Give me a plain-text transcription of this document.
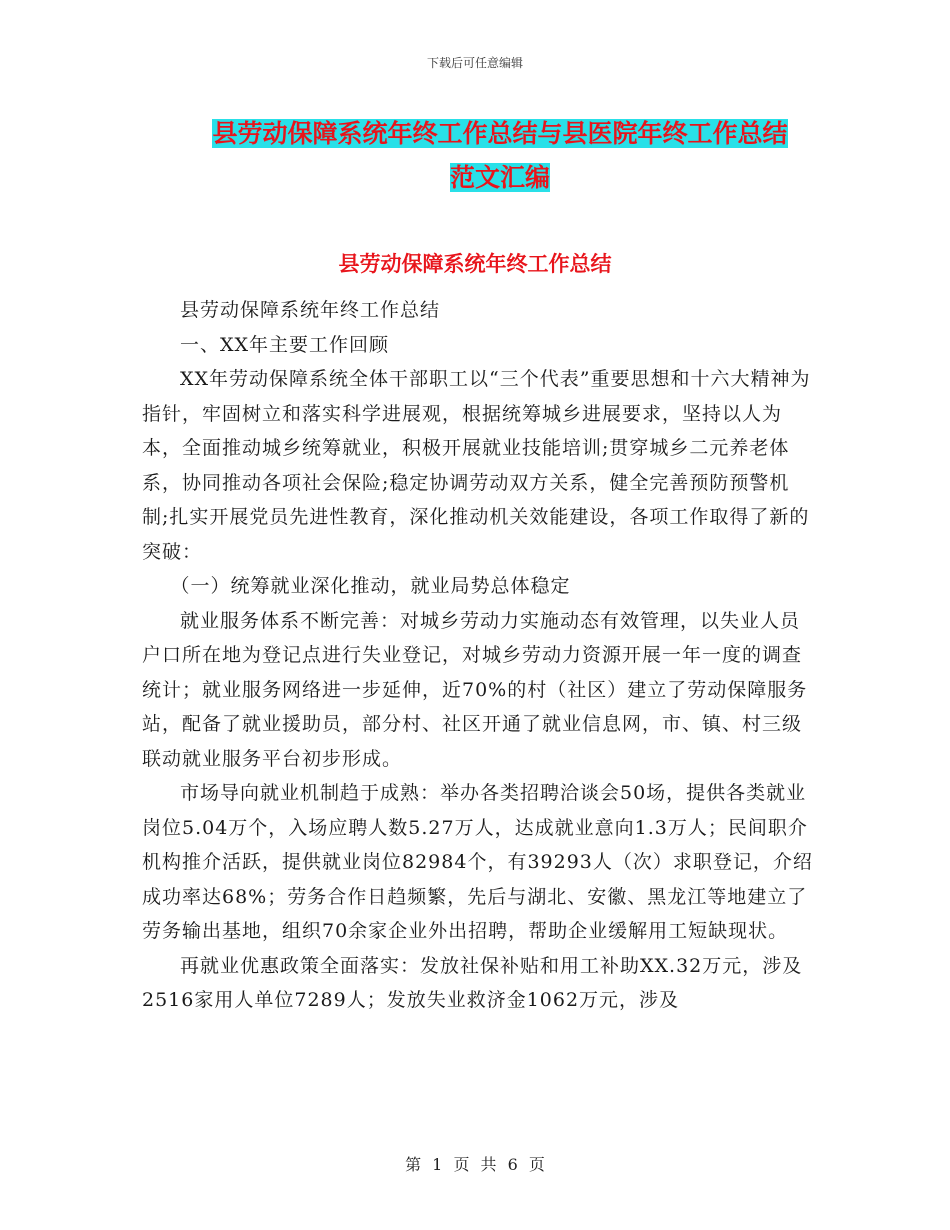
下载后可任意编辑
县劳动保障系统年终工作总结与县医院年终工作总结
范文汇编
县劳动保障系统年终工作总结

县劳动保障系统年终工作总结

一、XX年主要工作回顾

XX年劳动保障系统全体干部职工以“三个代表”重要思想和十六大精神为指针，牢固树立和落实科学进展观，根据统筹城乡进展要求，坚持以人为本，全面推动城乡统筹就业，积极开展就业技能培训;贯穿城乡二元养老体系，协同推动各项社会保险;稳定协调劳动双方关系，健全完善预防预警机制;扎实开展党员先进性教育，深化推动机关效能建设，各项工作取得了新的突破：

（一）统筹就业深化推动，就业局势总体稳定

就业服务体系不断完善：对城乡劳动力实施动态有效管理，以失业人员户口所在地为登记点进行失业登记，对城乡劳动力资源开展一年一度的调查统计；就业服务网络进一步延伸，近70%的村（社区）建立了劳动保障服务站，配备了就业援助员，部分村、社区开通了就业信息网，市、镇、村三级联动就业服务平台初步形成。

市场导向就业机制趋于成熟：举办各类招聘洽谈会50场，提供各类就业岗位5.04万个，入场应聘人数5.27万人，达成就业意向1.3万人；民间职介机构推介活跃，提供就业岗位82984个，有39293人（次）求职登记，介绍成功率达68%；劳务合作日趋频繁，先后与湖北、安徽、黑龙江等地建立了劳务输出基地，组织70余家企业外出招聘，帮助企业缓解用工短缺现状。

再就业优惠政策全面落实：发放社保补贴和用工补助XX.32万元，涉及2516家用人单位7289人；发放失业救济金1062万元，涉及

第 1 页 共 6 页
